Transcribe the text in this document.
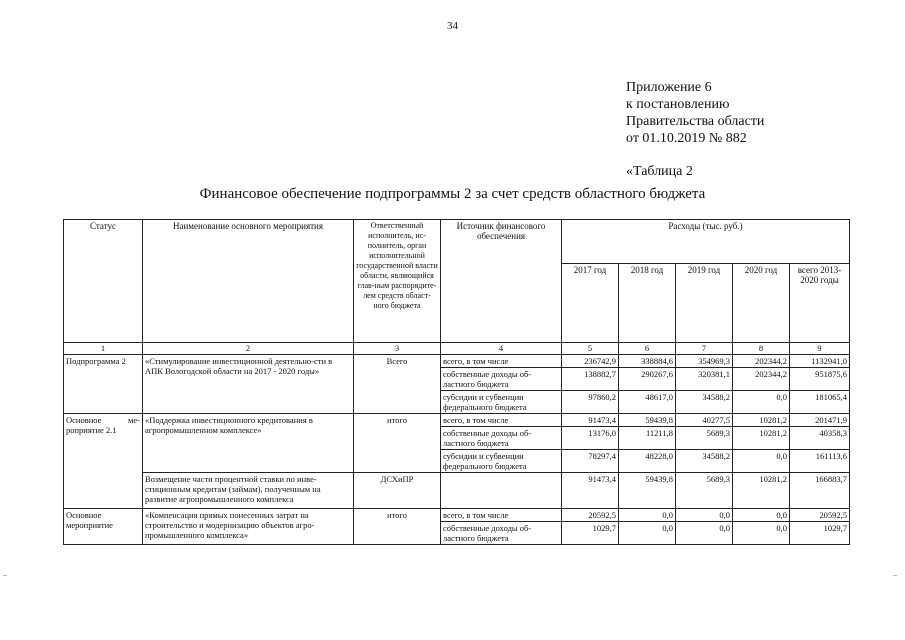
34
Приложение 6
к постановлению
Правительства области
от 01.10.2019 № 882
«Таблица 2
Финансовое обеспечение подпрограммы 2 за счет средств областного бюджета
Статус	Наименование основного мероприятия	Ответственный исполнитель, ис-полнитель, орган исполнительной государственной власти области, являющийся глав-ным распорядите-лем средств област-ного бюджета	Источник финансового обеспечения	Расходы (тыс. руб.)				
				2017 год	2018 год	2019 год	2020 год	всего 2013-2020 годы
1	2	3	4	5	6	7	8	9
Подпрограмма 2	«Стимулирование инвестиционной деятельно-сти в АПК Вологодской области на 2017 - 2020 годы»	Всего	всего, в том числе	236742,9	338884,6	354969,3	202344,2	1132941,0
			собственные доходы об-ластного бюджета	138882,7	290267,6	320381,1	202344,2	951875,6
			субсидии и субвенции федерального бюджета	97860,2	48617,0	34588,2	0,0	181065,4
Основное ме-роприятие 2.1	«Поддержка инвестиционного кредитования в агропромышленном комплексе»	итого	всего, в том числе	91473,4	59439,8	40277,5	10281,2	201471,9
			собственные доходы об-ластного бюджета	13176,0	11211,8	5689,3	10281,2	40358,3
			субсидии и субвенции федерального бюджета	78297,4	48228,0	34588,2	0,0	161113,6
	Возмещение части процентной ставки по инве-стиционным кредитам (займам), полученным на развитие агропромышленного комплекса	ДСХиПР		91473,4	59439,8	5689,3	10281,2	166883,7
Основное мероприятие	«Компенсация прямых понесенных затрат на строительство и модернизацию объектов агро-промышленного комплекса»	итого	всего, в том числе	20592,5	0,0	0,0	0,0	20592,5
			собственные доходы об-ластного бюджета	1029,7	0,0	0,0	0,0	1029,7
–	–
